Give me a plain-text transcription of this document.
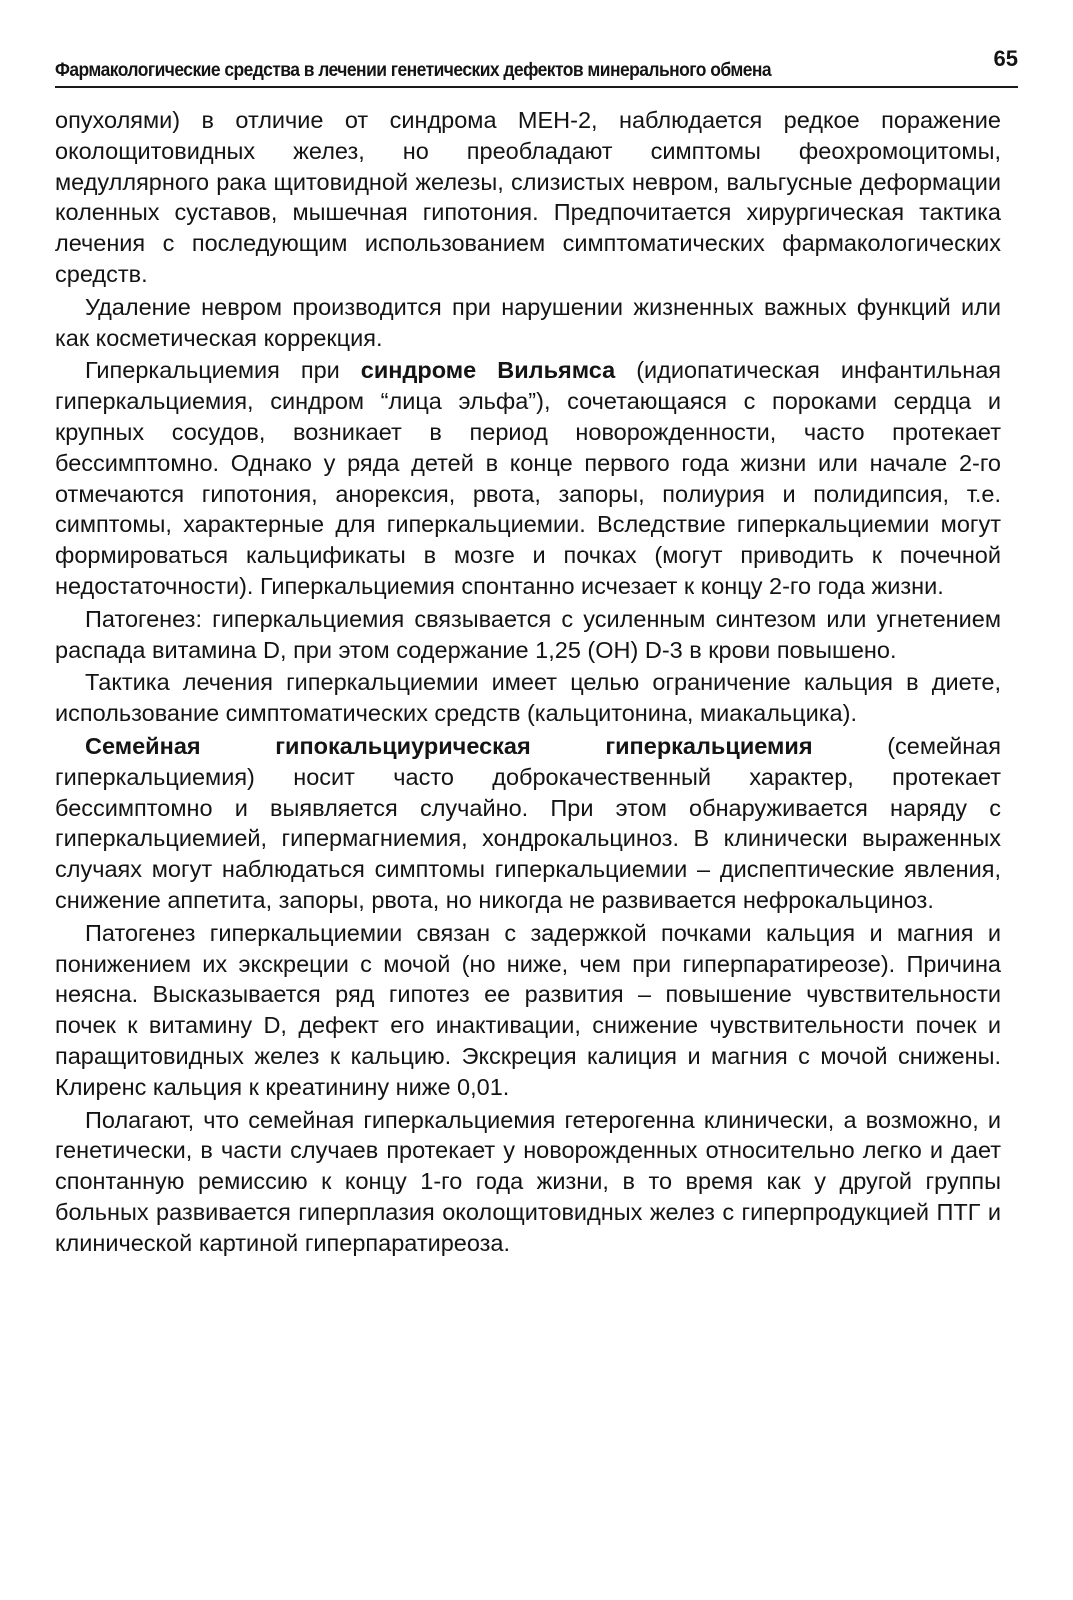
Фармакологические средства в лечении генетических дефектов минерального обмена	65

опухолями) в отличие от синдрома МЕН-2, наблюдается редкое поражение околощитовидных желез, но преобладают симптомы феохромоцитомы, медуллярного рака щитовидной железы, слизистых невром, вальгусные деформации коленных суставов, мышечная гипотония. Предпочитается хирургическая тактика лечения с последующим использованием симптоматических фармакологических средств.

Удаление невром производится при нарушении жизненных важных функций или как косметическая коррекция.

Гиперкальциемия при синдроме Вильямса (идиопатическая инфантильная гиперкальциемия, синдром “лица эльфа”), сочетающаяся с пороками сердца и крупных сосудов, возникает в период новорожденности, часто протекает бессимптомно. Однако у ряда детей в конце первого года жизни или начале 2-го отмечаются гипотония, анорексия, рвота, запоры, полиурия и полидипсия, т.е. симптомы, характерные для гиперкальциемии. Вследствие гиперкальциемии могут формироваться кальцификаты в мозге и почках (могут приводить к почечной недостаточности). Гиперкальциемия спонтанно исчезает к концу 2-го года жизни.

Патогенез: гиперкальциемия связывается с усиленным синтезом или угнетением распада витамина D, при этом содержание 1,25 (ОН) D-3 в крови повышено.

Тактика лечения гиперкальциемии имеет целью ограничение кальция в диете, использование симптоматических средств (кальцитонина, миакальцика).

Семейная гипокальциурическая гиперкальциемия (семейная гиперкальциемия) носит часто доброкачественный характер, протекает бессимптомно и выявляется случайно. При этом обнаруживается наряду с гиперкальциемией, гипермагниемия, хондрокальциноз. В клинически выраженных случаях могут наблюдаться симптомы гиперкальциемии – диспептические явления, снижение аппетита, запоры, рвота, но никогда не развивается нефрокальциноз.

Патогенез гиперкальциемии связан с задержкой почками кальция и магния и понижением их экскреции с мочой (но ниже, чем при гиперпаратиреозе). Причина неясна. Высказывается ряд гипотез ее развития – повышение чувствительности почек к витамину D, дефект его инактивации, снижение чувствительности почек и паращитовидных желез к кальцию. Экскреция калиция и магния с мочой снижены. Клиренс кальция к креатинину ниже 0,01.

Полагают, что семейная гиперкальциемия гетерогенна клинически, а возможно, и генетически, в части случаев протекает у новорожденных относительно легко и дает спонтанную ремиссию к концу 1-го года жизни, в то время как у другой группы больных развивается гиперплазия околощитовидных желез с гиперпродукцией ПТГ и клинической картиной гиперпаратиреоза.
